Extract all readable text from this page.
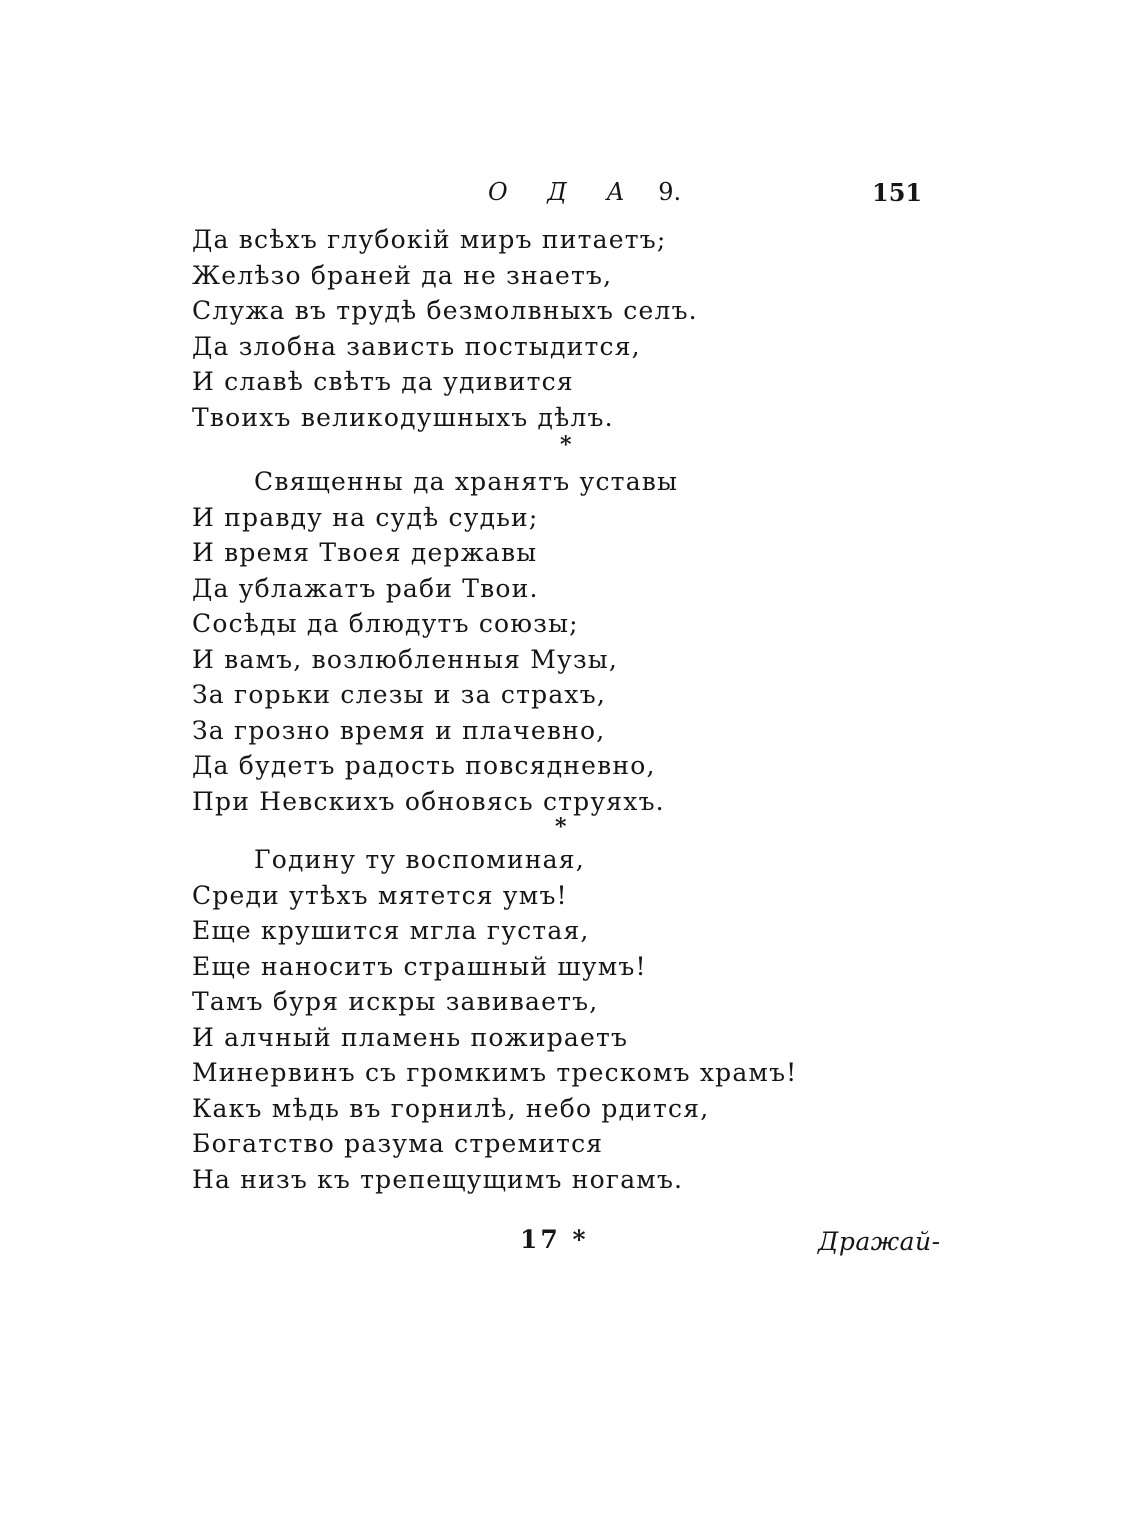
О Д А 9.	151
Да всѣхъ глубокій миръ питаетъ;
Желѣзо браней да не знаетъ,
Служа въ трудѣ безмолвныхъ селъ.
Да злобна зависть постыдится,
И славѣ свѣтъ да удивится
Твоихъ великодушныхъ дѣлъ.
*
Священны да хранятъ уставы
И правду на судѣ судьи;
И время Твоея державы
Да ублажатъ раби Твои.
Сосѣды да блюдутъ союзы;
И вамъ, возлюбленныя Музы,
За горьки слезы и за страхъ,
За грозно время и плачевно,
Да будетъ радость повсядневно,
При Невскихъ обновясь струяхъ.
*
Годину ту воспоминая,
Среди утѣхъ мятется умъ!
Еще крушится мгла густая,
Еще наноситъ страшный шумъ!
Тамъ буря искры завиваетъ,
И алчный пламень пожираетъ
Минервинъ съ громкимъ трескомъ храмъ!
Какъ мѣдь въ горнилѣ, небо рдится,
Богатство разума стремится
На низъ къ трепещущимъ ногамъ.
17 *	Дражай-
